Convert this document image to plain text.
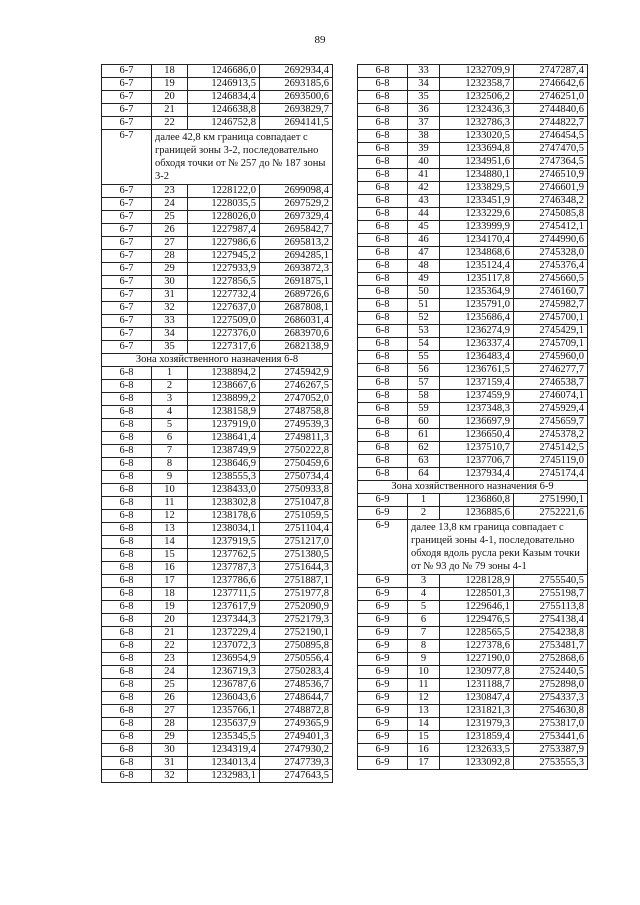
89
6-7	18	1246686,0	2692934,4
6-7	19	1246913,5	2693185,6
6-7	20	1246834,4	2693500,6
6-7	21	1246638,8	2693829,7
6-7	22	1246752,8	2694141,5
6-7	далее 42,8 км граница совпадает с границей зоны 3-2, последовательно обходя точки от № 257 до № 187 зоны 3-2		
6-7	23	1228122,0	2699098,4
6-7	24	1228035,5	2697529,2
6-7	25	1228026,0	2697329,4
6-7	26	1227987,4	2695842,7
6-7	27	1227986,6	2695813,2
6-7	28	1227945,2	2694285,1
6-7	29	1227933,9	2693872,3
6-7	30	1227856,5	2691875,1
6-7	31	1227732,4	2689726,6
6-7	32	1227637,0	2687808,1
6-7	33	1227509,0	2686031,4
6-7	34	1227376,0	2683970,6
6-7	35	1227317,6	2682138,9
Зона хозяйственного назначения 6-8			
6-8	1	1238894,2	2745942,9
6-8	2	1238667,6	2746267,5
6-8	3	1238899,2	2747052,0
6-8	4	1238158,9	2748758,8
6-8	5	1237919,0	2749539,3
6-8	6	1238641,4	2749811,3
6-8	7	1238749,9	2750222,8
6-8	8	1238646,9	2750459,6
6-8	9	1238555,3	2750734,4
6-8	10	1238433,0	2750933,8
6-8	11	1238302,8	2751047,8
6-8	12	1238178,6	2751059,5
6-8	13	1238034,1	2751104,4
6-8	14	1237919,5	2751217,0
6-8	15	1237762,5	2751380,5
6-8	16	1237787,3	2751644,3
6-8	17	1237786,6	2751887,1
6-8	18	1237711,5	2751977,8
6-8	19	1237617,9	2752090,9
6-8	20	1237344,3	2752179,3
6-8	21	1237229,4	2752190,1
6-8	22	1237072,3	2750895,8
6-8	23	1236954,9	2750556,4
6-8	24	1236719,3	2750283,4
6-8	25	1236787,6	2748536,7
6-8	26	1236043,6	2748644,7
6-8	27	1235766,1	2748872,8
6-8	28	1235637,9	2749365,9
6-8	29	1235345,5	2749401,3
6-8	30	1234319,4	2747930,2
6-8	31	1234013,4	2747739,3
6-8	32	1232983,1	2747643,5
6-8	33	1232709,9	2747287,4
6-8	34	1232358,7	2746642,6
6-8	35	1232506,2	2746251,0
6-8	36	1232436,3	2744840,6
6-8	37	1232786,3	2744822,7
6-8	38	1233020,5	2746454,5
6-8	39	1233694,8	2747470,5
6-8	40	1234951,6	2747364,5
6-8	41	1234880,1	2746510,9
6-8	42	1233829,5	2746601,9
6-8	43	1233451,9	2746348,2
6-8	44	1233229,6	2745085,8
6-8	45	1233999,9	2745412,1
6-8	46	1234170,4	2744990,6
6-8	47	1234868,6	2745328,0
6-8	48	1235124,4	2745376,4
6-8	49	1235117,8	2745660,5
6-8	50	1235364,9	2746160,7
6-8	51	1235791,0	2745982,7
6-8	52	1235686,4	2745700,1
6-8	53	1236274,9	2745429,1
6-8	54	1236337,4	2745709,1
6-8	55	1236483,4	2745960,0
6-8	56	1236761,5	2746277,7
6-8	57	1237159,4	2746538,7
6-8	58	1237459,9	2746074,1
6-8	59	1237348,3	2745929,4
6-8	60	1236697,9	2745659,7
6-8	61	1236650,4	2745378,2
6-8	62	1237510,7	2745142,5
6-8	63	1237706,7	2745119,0
6-8	64	1237934,4	2745174,4
Зона хозяйственного назначения 6-9			
6-9	1	1236860,8	2751990,1
6-9	2	1236885,6	2752221,6
6-9	далее 13,8 км граница совпадает с границей зоны 4-1, последовательно обходя вдоль русла реки Казым точки от № 93 до № 79 зоны 4-1		
6-9	3	1228128,9	2755540,5
6-9	4	1228501,3	2755198,7
6-9	5	1229646,1	2755113,8
6-9	6	1229476,5	2754138,4
6-9	7	1228565,5	2754238,8
6-9	8	1227378,6	2753481,7
6-9	9	1227190,0	2752868,6
6-9	10	1230977,8	2752440,5
6-9	11	1231188,7	2752898,0
6-9	12	1230847,4	2754337,3
6-9	13	1231821,3	2754630,8
6-9	14	1231979,3	2753817,0
6-9	15	1231859,4	2753441,6
6-9	16	1232633,5	2753387,9
6-9	17	1233092,8	2753555,3
